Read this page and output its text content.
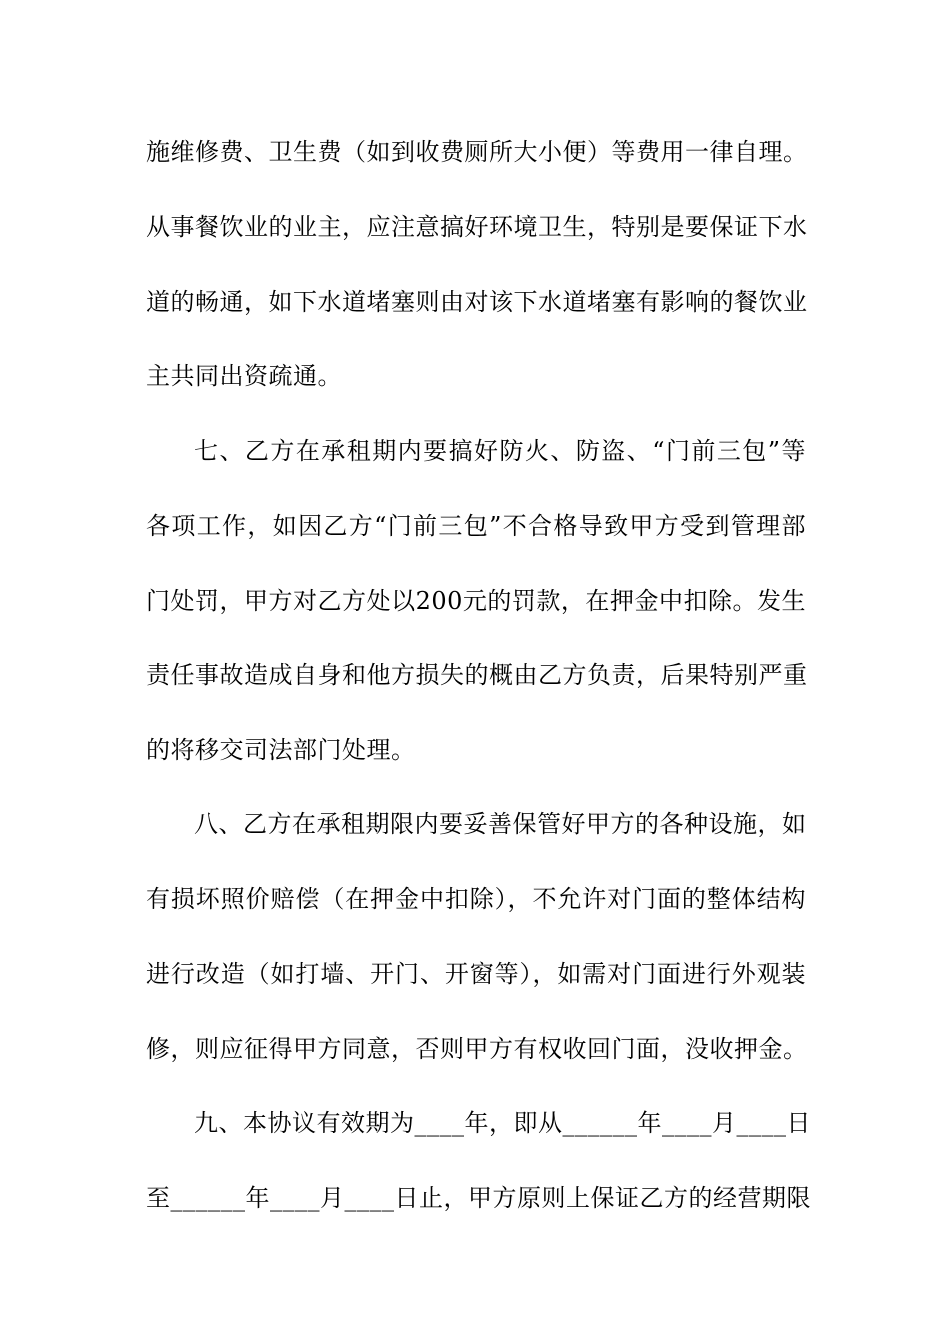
施维修费、卫生费（如到收费厕所大小便）等费用一律自理。
从事餐饮业的业主，应注意搞好环境卫生，特别是要保证下水
道的畅通，如下水道堵塞则由对该下水道堵塞有影响的餐饮业
主共同出资疏通。
七、乙方在承租期内要搞好防火、防盗、“门前三包”等
各项工作，如因乙方“门前三包”不合格导致甲方受到管理部
门处罚，甲方对乙方处以200元的罚款，在押金中扣除。发生
责任事故造成自身和他方损失的概由乙方负责，后果特别严重
的将移交司法部门处理。
八、乙方在承租期限内要妥善保管好甲方的各种设施，如
有损坏照价赔偿（在押金中扣除），不允许对门面的整体结构
进行改造（如打墙、开门、开窗等），如需对门面进行外观装
修，则应征得甲方同意，否则甲方有权收回门面，没收押金。
九、本协议有效期为____年，即从______年____月____日
至______年____月____日止，甲方原则上保证乙方的经营期限
